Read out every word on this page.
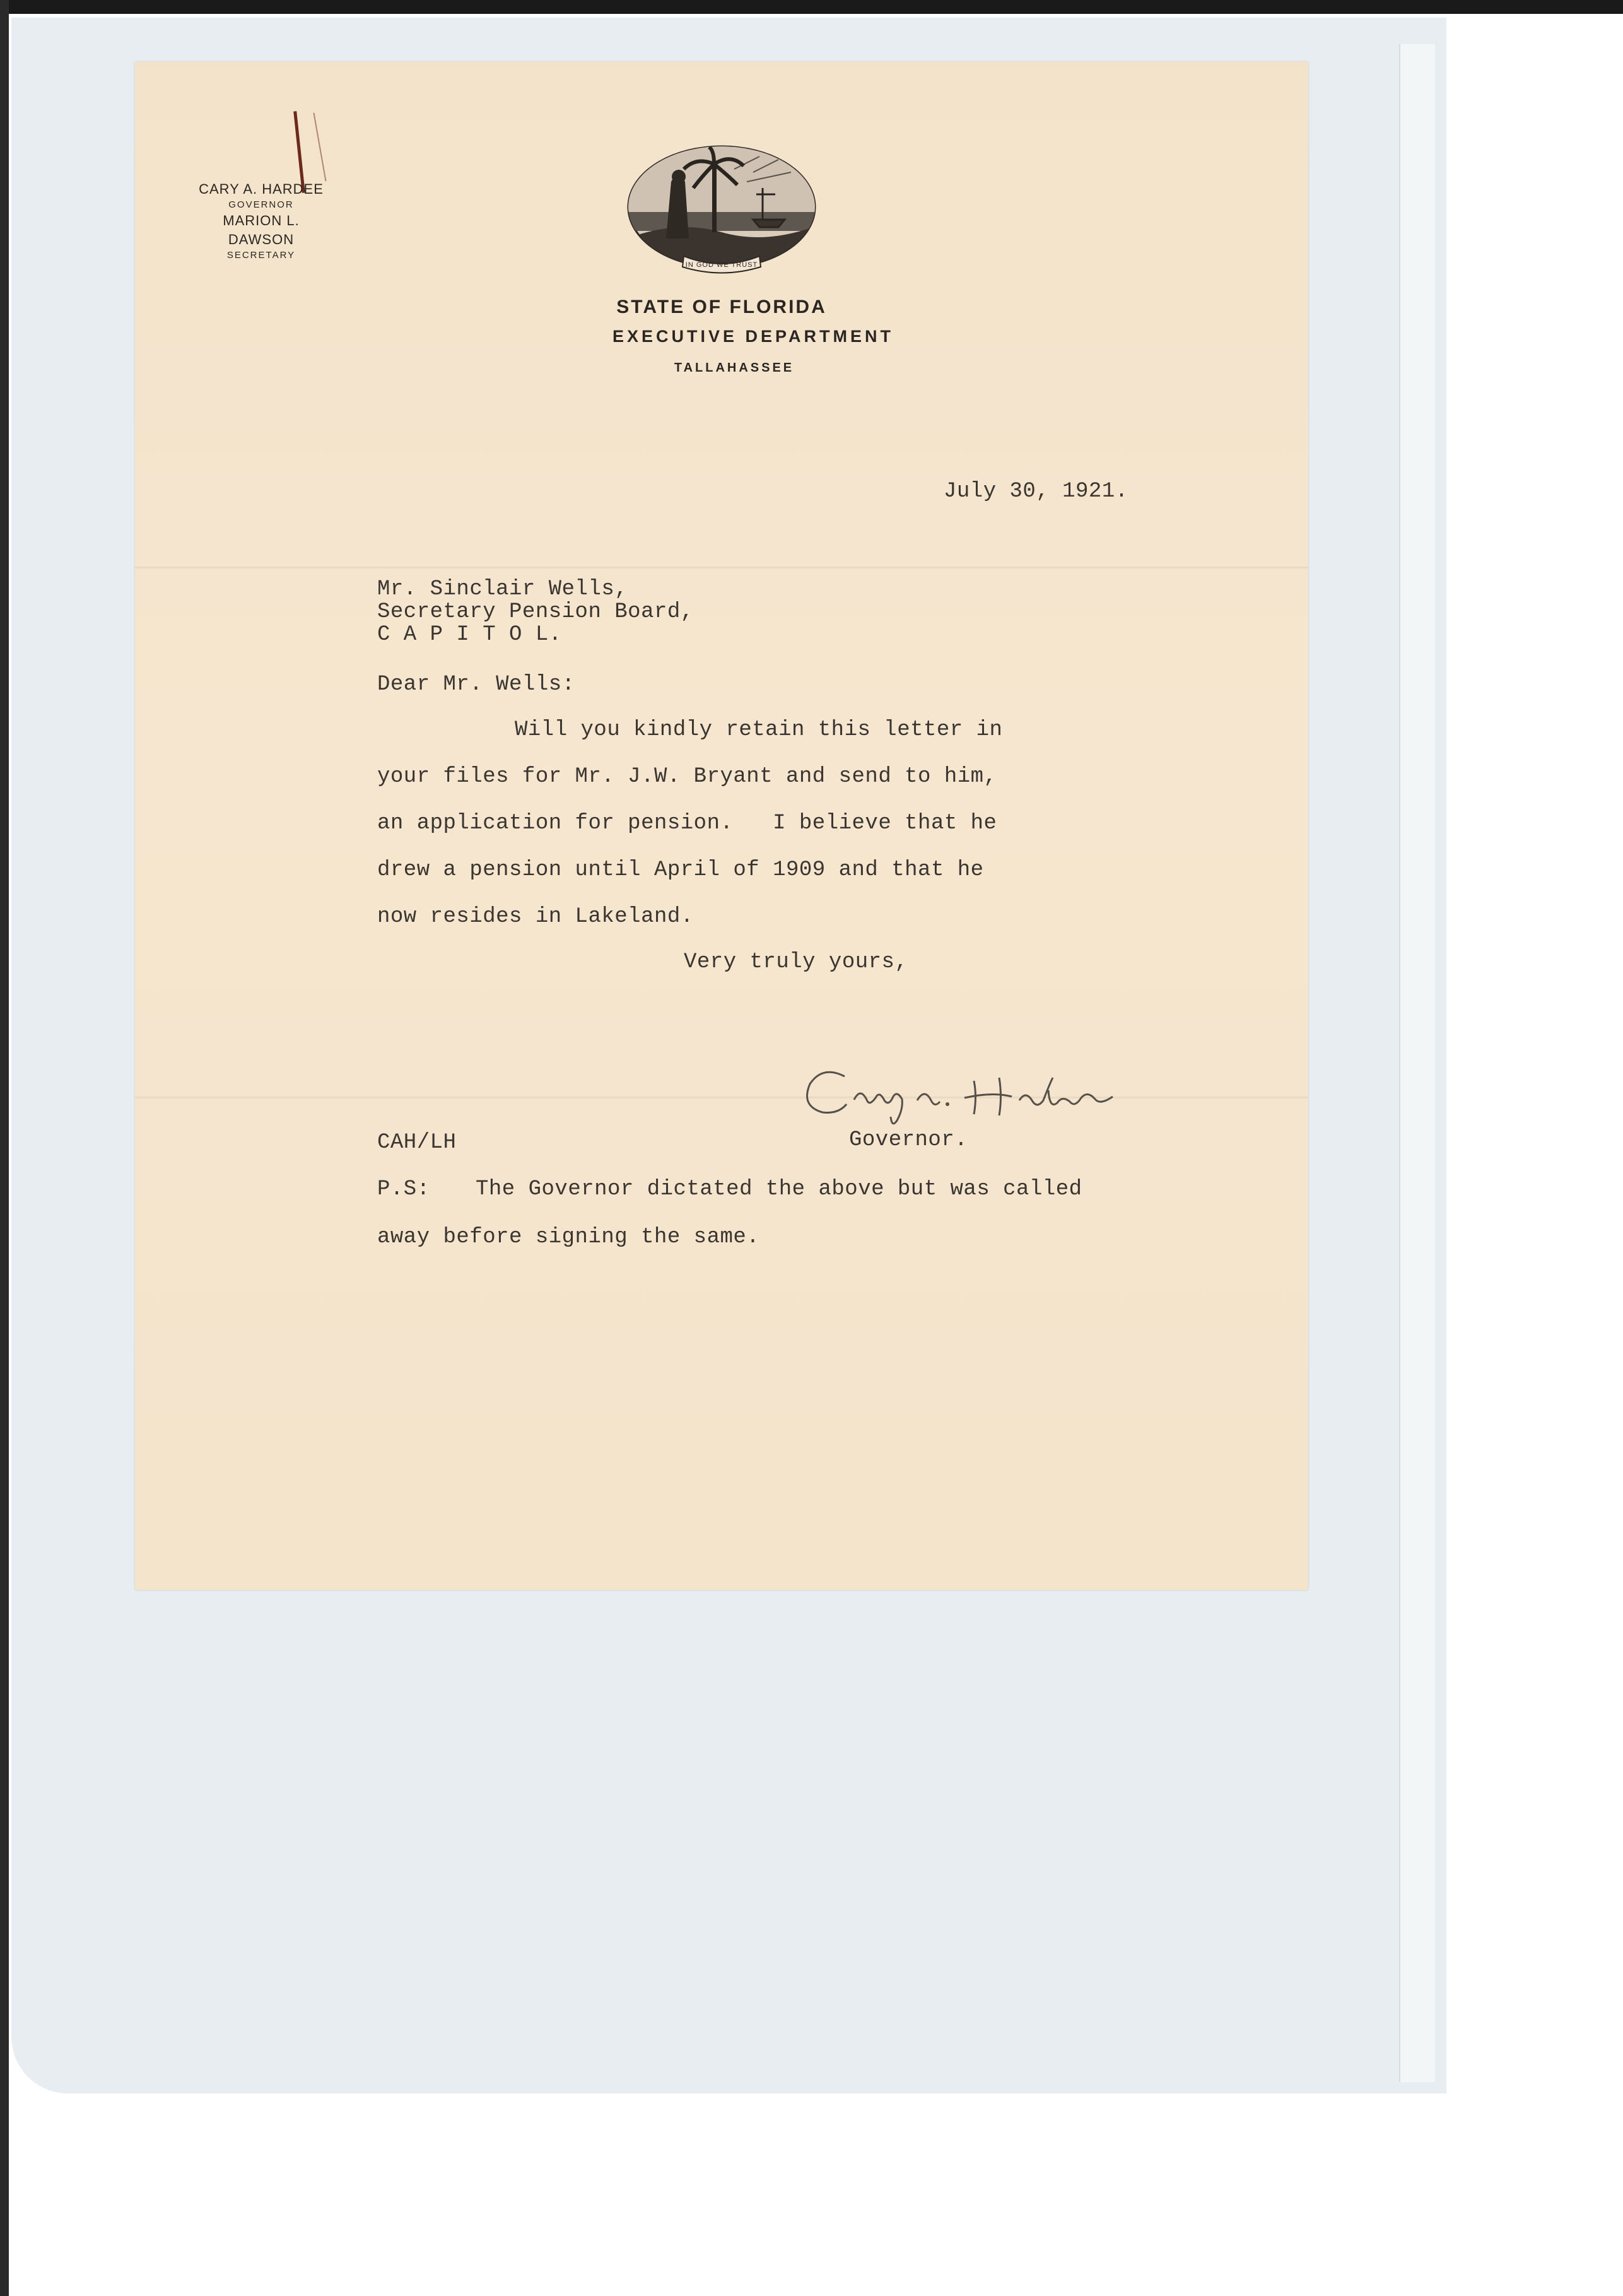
CARY A. HARDEE
GOVERNOR
MARION L. DAWSON
SECRETARY
IN GOD WE TRUST
STATE OF FLORIDA
EXECUTIVE DEPARTMENT
TALLAHASSEE
July 30, 1921.
Mr. Sinclair Wells,
Secretary Pension Board,
C A P I T O L.
Dear Mr. Wells:
Will you kindly retain this letter in
your files for Mr. J.W. Bryant and send to him,
an application for pension.   I believe that he
drew a pension until April of 1909 and that he
now resides in Lakeland.
Very truly yours,
Governor.
CAH/LH
P.S: The Governor dictated the above but was called
away before signing the same.
